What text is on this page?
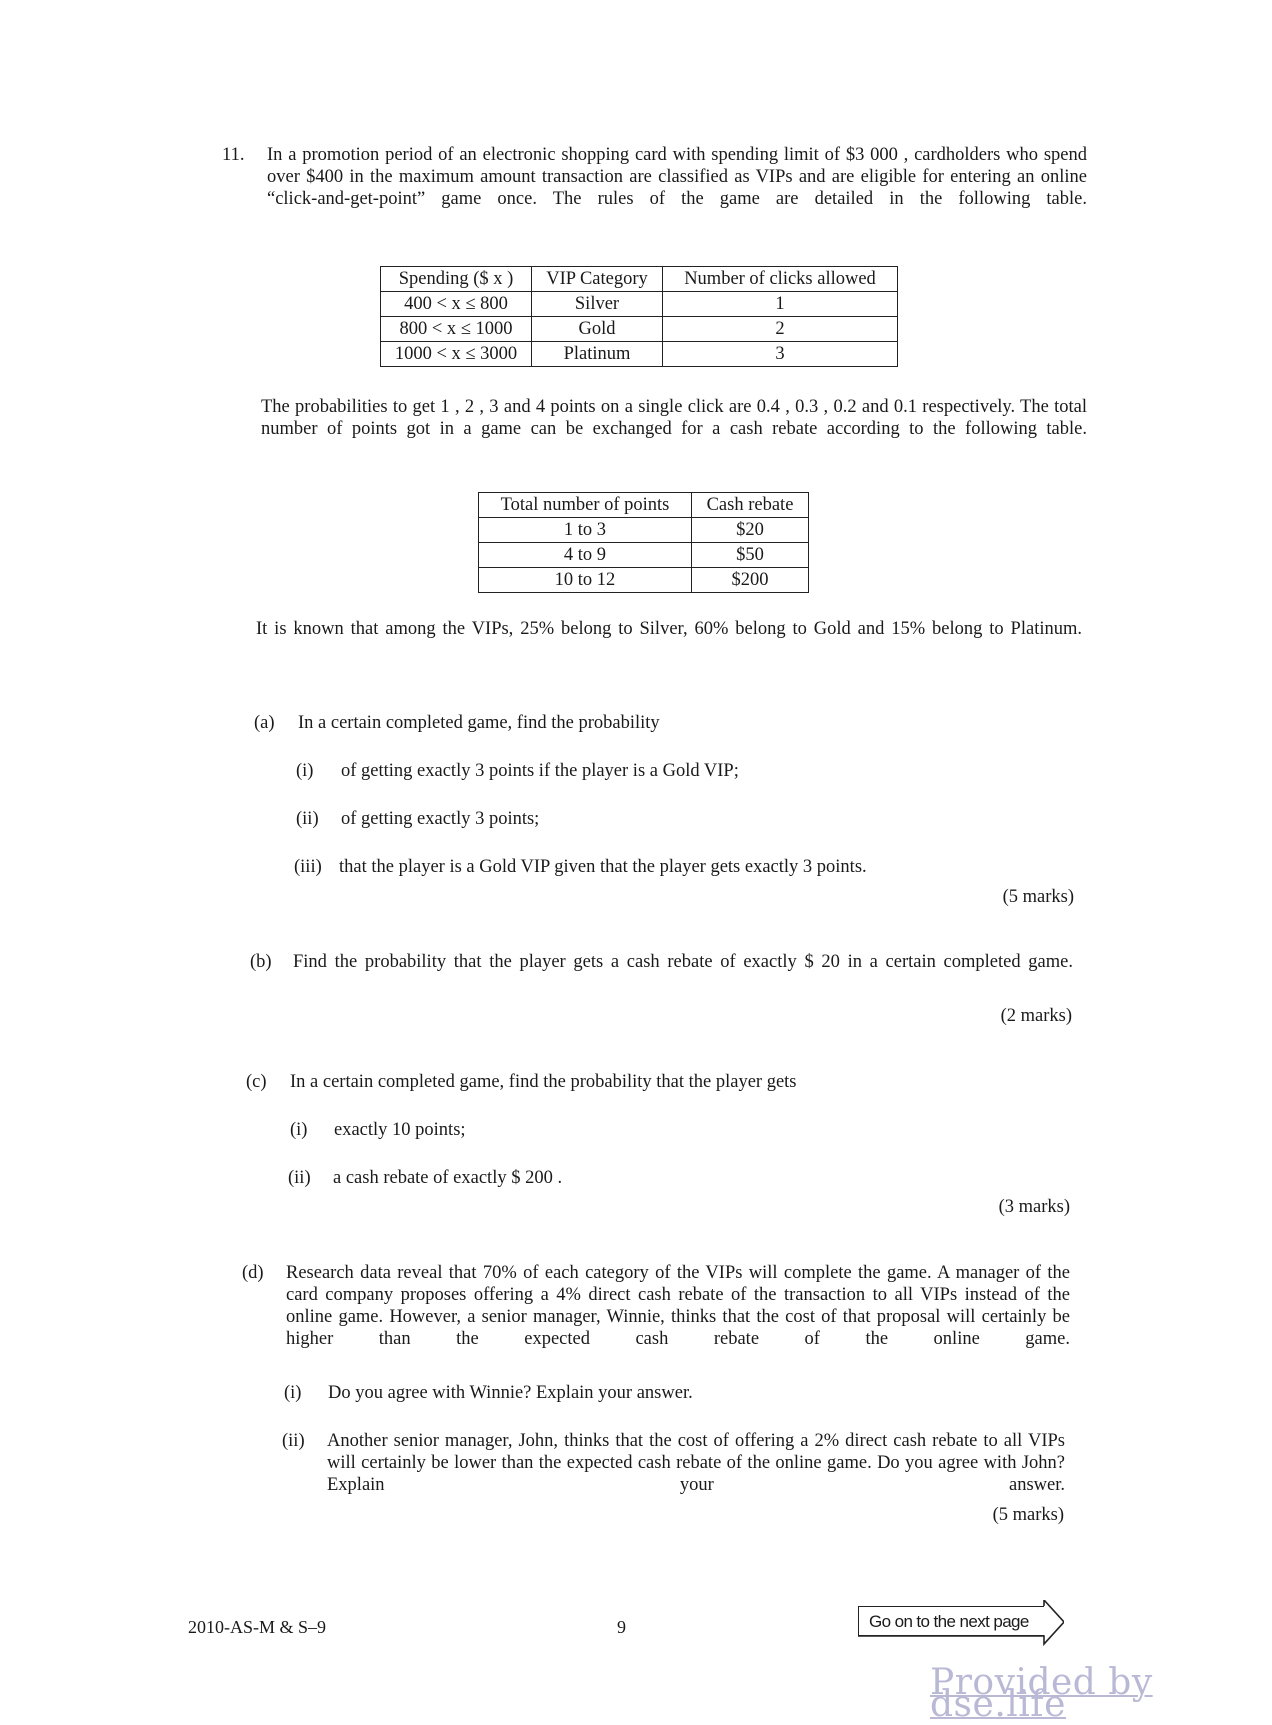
11. In a promotion period of an electronic shopping card with spending limit of $3 000 , cardholders who spend over $400 in the maximum amount transaction are classified as VIPs and are eligible for entering an online “click-and-get-point” game once. The rules of the game are detailed in the following table.
Spending ($ x )	VIP Category	Number of clicks allowed
400 < x ≤ 800	Silver	1
800 < x ≤ 1000	Gold	2
1000 < x ≤ 3000	Platinum	3
The probabilities to get 1 , 2 , 3 and 4 points on a single click are 0.4 , 0.3 , 0.2 and 0.1 respectively. The total number of points got in a game can be exchanged for a cash rebate according to the following table.
Total number of points	Cash rebate
1 to 3	$20
4 to 9	$50
10 to 12	$200
It is known that among the VIPs, 25% belong to Silver, 60% belong to Gold and 15% belong to Platinum.
(a) In a certain completed game, find the probability
(i) of getting exactly 3 points if the player is a Gold VIP;
(ii) of getting exactly 3 points;
(iii) that the player is a Gold VIP given that the player gets exactly 3 points.
(5 marks)
(b) Find the probability that the player gets a cash rebate of exactly $ 20 in a certain completed game.
(2 marks)
(c) In a certain completed game, find the probability that the player gets
(i) exactly 10 points;
(ii) a cash rebate of exactly $ 200 .
(3 marks)
(d) Research data reveal that 70% of each category of the VIPs will complete the game. A manager of the card company proposes offering a 4% direct cash rebate of the transaction to all VIPs instead of the online game. However, a senior manager, Winnie, thinks that the cost of that proposal will certainly be higher than the expected cash rebate of the online game.
(i) Do you agree with Winnie? Explain your answer.
(ii) Another senior manager, John, thinks that the cost of offering a 2% direct cash rebate to all VIPs will certainly be lower than the expected cash rebate of the online game. Do you agree with John? Explain your answer.
(5 marks)
2010-AS-M & S–9	9	Go on to the next page
Provided by dse.life
